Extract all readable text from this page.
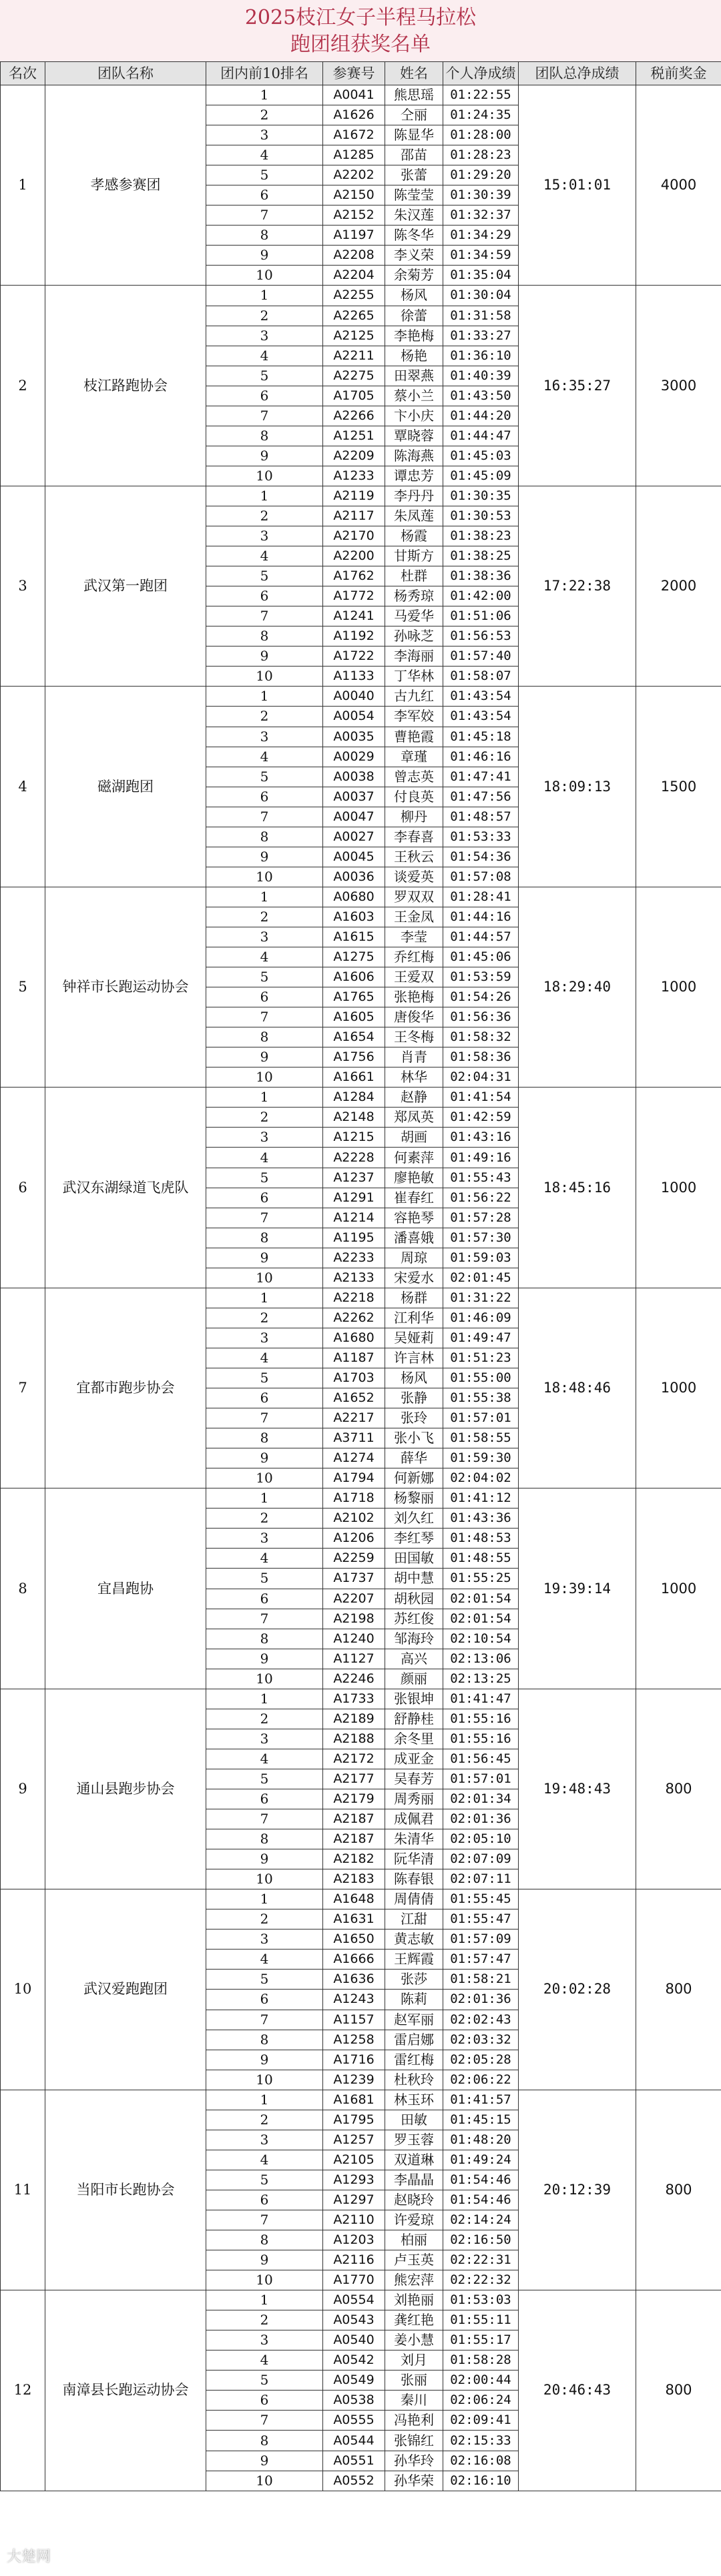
2025枝江女子半程马拉松
跑团组获奖名单
名次	团队名称	团内前10排名	参赛号	姓名	个人净成绩	团队总净成绩	税前奖金
1	孝感参赛团	1	A0041	熊思瑶	01:22:55	15:01:01	4000
		2	A1626	仝丽	01:24:35		
		3	A1672	陈显华	01:28:00		
		4	A1285	邵苗	01:28:23		
		5	A2202	张蕾	01:29:20		
		6	A2150	陈莹莹	01:30:39		
		7	A2152	朱汉莲	01:32:37		
		8	A1197	陈冬华	01:34:29		
		9	A2208	李义荣	01:34:59		
		10	A2204	余菊芳	01:35:04		
2	枝江路跑协会	1	A2255	杨风	01:30:04	16:35:27	3000
		2	A2265	徐蕾	01:31:58		
		3	A2125	李艳梅	01:33:27		
		4	A2211	杨艳	01:36:10		
		5	A2275	田翠燕	01:40:39		
		6	A1705	蔡小兰	01:43:50		
		7	A2266	卞小庆	01:44:20		
		8	A1251	覃晓蓉	01:44:47		
		9	A2209	陈海燕	01:45:03		
		10	A1233	谭忠芳	01:45:09		
3	武汉第一跑团	1	A2119	李丹丹	01:30:35	17:22:38	2000
		2	A2117	朱凤莲	01:30:53		
		3	A2170	杨霞	01:38:23		
		4	A2200	甘斯方	01:38:25		
		5	A1762	杜群	01:38:36		
		6	A1772	杨秀琼	01:42:00		
		7	A1241	马爱华	01:51:06		
		8	A1192	孙咏芝	01:56:53		
		9	A1722	李海丽	01:57:40		
		10	A1133	丁华林	01:58:07		
4	磁湖跑团	1	A0040	古九红	01:43:54	18:09:13	1500
		2	A0054	李军姣	01:43:54		
		3	A0035	曹艳霞	01:45:18		
		4	A0029	章瑾	01:46:16		
		5	A0038	曾志英	01:47:41		
		6	A0037	付良英	01:47:56		
		7	A0047	柳丹	01:48:57		
		8	A0027	李春喜	01:53:33		
		9	A0045	王秋云	01:54:36		
		10	A0036	谈爱英	01:57:08		
5	钟祥市长跑运动协会	1	A0680	罗双双	01:28:41	18:29:40	1000
		2	A1603	王金凤	01:44:16		
		3	A1615	李莹	01:44:57		
		4	A1275	乔红梅	01:45:06		
		5	A1606	王爱双	01:53:59		
		6	A1765	张艳梅	01:54:26		
		7	A1605	唐俊华	01:56:36		
		8	A1654	王冬梅	01:58:32		
		9	A1756	肖青	01:58:36		
		10	A1661	林华	02:04:31		
6	武汉东湖绿道飞虎队	1	A1284	赵静	01:41:54	18:45:16	1000
		2	A2148	郑凤英	01:42:59		
		3	A1215	胡画	01:43:16		
		4	A2228	何素萍	01:49:16		
		5	A1237	廖艳敏	01:55:43		
		6	A1291	崔春红	01:56:22		
		7	A1214	容艳琴	01:57:28		
		8	A1195	潘喜娥	01:57:30		
		9	A2233	周琼	01:59:03		
		10	A2133	宋爱水	02:01:45		
7	宜都市跑步协会	1	A2218	杨群	01:31:22	18:48:46	1000
		2	A2262	江利华	01:46:09		
		3	A1680	吴娅莉	01:49:47		
		4	A1187	许言林	01:51:23		
		5	A1703	杨风	01:55:00		
		6	A1652	张静	01:55:38		
		7	A2217	张玲	01:57:01		
		8	A3711	张小飞	01:58:55		
		9	A1274	薛华	01:59:30		
		10	A1794	何新娜	02:04:02		
8	宜昌跑协	1	A1718	杨黎丽	01:41:12	19:39:14	1000
		2	A2102	刘久红	01:43:36		
		3	A1206	李红琴	01:48:53		
		4	A2259	田国敏	01:48:55		
		5	A1737	胡中慧	01:55:25		
		6	A2207	胡秋园	02:01:54		
		7	A2198	苏红俊	02:01:54		
		8	A1240	邹海玲	02:10:54		
		9	A1127	高兴	02:13:06		
		10	A2246	颜丽	02:13:25		
9	通山县跑步协会	1	A1733	张银坤	01:41:47	19:48:43	800
		2	A2189	舒静桂	01:55:16		
		3	A2188	余冬里	01:55:16		
		4	A2172	成亚金	01:56:45		
		5	A2177	吴春芳	01:57:01		
		6	A2179	周秀丽	02:01:34		
		7	A2187	成佩君	02:01:36		
		8	A2187	朱清华	02:05:10		
		9	A2182	阮华清	02:07:09		
		10	A2183	陈春银	02:07:11		
10	武汉爱跑跑团	1	A1648	周倩倩	01:55:45	20:02:28	800
		2	A1631	江甜	01:55:47		
		3	A1650	黄志敏	01:57:09		
		4	A1666	王辉霞	01:57:47		
		5	A1636	张莎	01:58:21		
		6	A1243	陈莉	02:01:36		
		7	A1157	赵军丽	02:02:43		
		8	A1258	雷启娜	02:03:32		
		9	A1716	雷红梅	02:05:28		
		10	A1239	杜秋玲	02:06:22		
11	当阳市长跑协会	1	A1681	林玉环	01:41:57	20:12:39	800
		2	A1795	田敏	01:45:15		
		3	A1257	罗玉蓉	01:48:20		
		4	A2105	双道琳	01:49:24		
		5	A1293	李晶晶	01:54:46		
		6	A1297	赵晓玲	01:54:46		
		7	A2110	许爱琼	02:14:24		
		8	A1203	柏丽	02:16:50		
		9	A2116	卢玉英	02:22:31		
		10	A1770	熊宏萍	02:22:32		
12	南漳县长跑运动协会	1	A0554	刘艳丽	01:53:03	20:46:43	800
		2	A0543	龚红艳	01:55:11		
		3	A0540	姜小慧	01:55:17		
		4	A0542	刘月	01:58:28		
		5	A0549	张丽	02:00:44		
		6	A0538	秦川	02:06:24		
		7	A0555	冯艳利	02:09:41		
		8	A0544	张锦红	02:15:33		
		9	A0551	孙华玲	02:16:08		
		10	A0552	孙华荣	02:16:10		
大楚网
